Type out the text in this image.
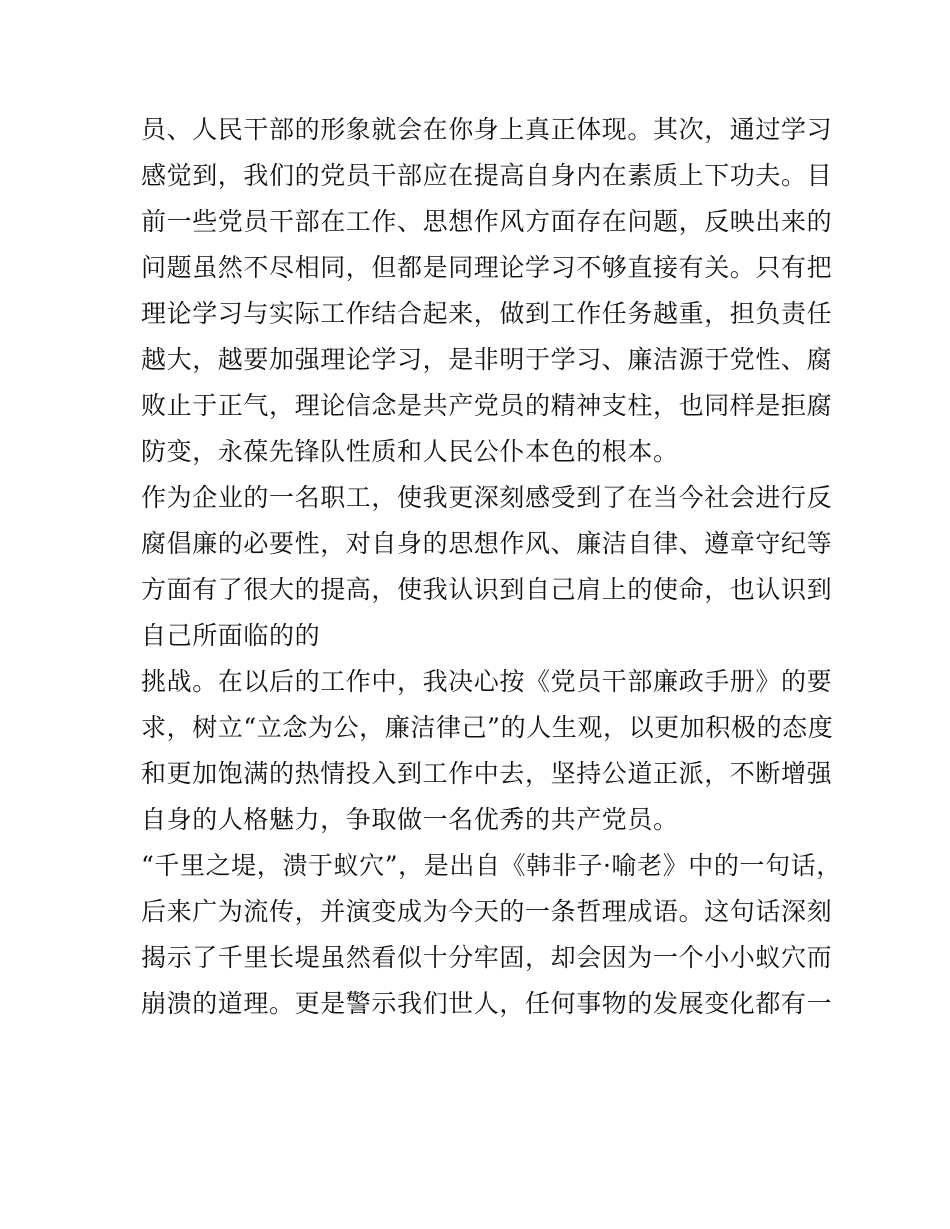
员、人民干部的形象就会在你身上真正体现。其次，通过学习
感觉到，我们的党员干部应在提高自身内在素质上下功夫。目
前一些党员干部在工作、思想作风方面存在问题，反映出来的
问题虽然不尽相同，但都是同理论学习不够直接有关。只有把
理论学习与实际工作结合起来，做到工作任务越重，担负责任
越大，越要加强理论学习，是非明于学习、廉洁源于党性、腐
败止于正气，理论信念是共产党员的精神支柱，也同样是拒腐
防变，永葆先锋队性质和人民公仆本色的根本。
作为企业的一名职工，使我更深刻感受到了在当今社会进行反
腐倡廉的必要性，对自身的思想作风、廉洁自律、遵章守纪等
方面有了很大的提高，使我认识到自己肩上的使命，也认识到
自己所面临的的
挑战。在以后的工作中，我决心按《党员干部廉政手册》的要
求，树立“立念为公，廉洁律己”的人生观，以更加积极的态度
和更加饱满的热情投入到工作中去，坚持公道正派，不断增强
自身的人格魅力，争取做一名优秀的共产党员。
“千里之堤，溃于蚁穴”，是出自《韩非子·喻老》中的一句话，
后来广为流传，并演变成为今天的一条哲理成语。这句话深刻
揭示了千里长堤虽然看似十分牢固，却会因为一个小小蚁穴而
崩溃的道理。更是警示我们世人，任何事物的发展变化都有一
